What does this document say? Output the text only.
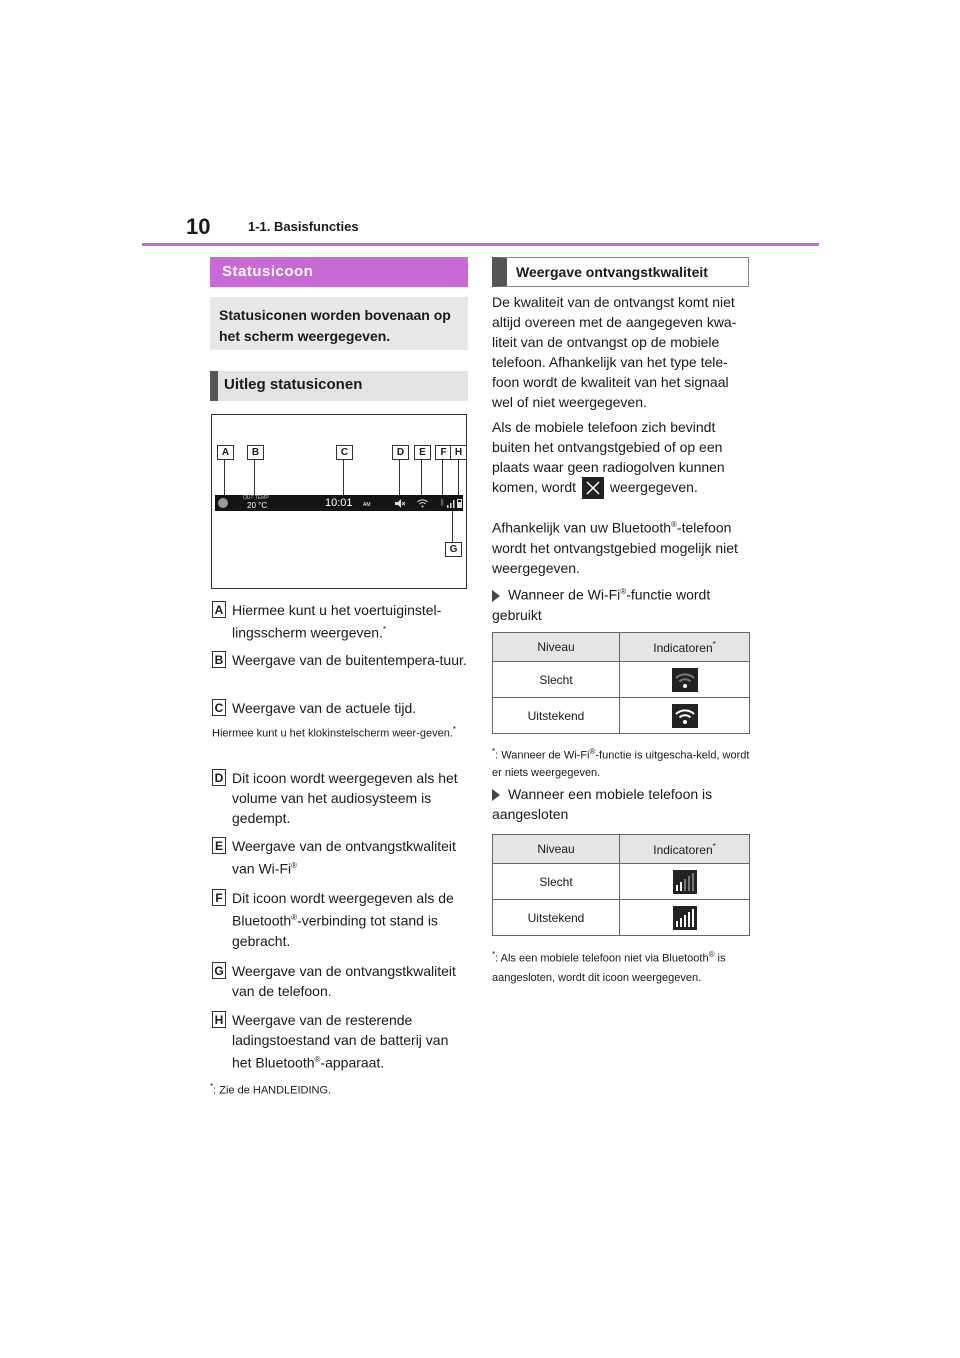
10	1-1. Basisfuncties
Statusicoon
Statusiconen worden bovenaan op het scherm weergegeven.
Uitleg statusiconen
A	B	C	D	E	F H
G
OUT TEMP
20 °C	10:01 AM	ᛒ
A Hiermee kunt u het voertuiginstel-lingsscherm weergeven.*
B Weergave van de buitentempera-tuur.
C Weergave van de actuele tijd.
Hiermee kunt u het klokinstelscherm weer-geven.*
D Dit icoon wordt weergegeven als het volume van het audiosysteem is gedempt.
E Weergave van de ontvangstkwaliteit van Wi-Fi®
F Dit icoon wordt weergegeven als de Bluetooth®-verbinding tot stand is gebracht.
G Weergave van de ontvangstkwaliteit van de telefoon.
H Weergave van de resterende ladingstoestand van de batterij van het Bluetooth®-apparaat.
*: Zie de HANDLEIDING.
Weergave ontvangstkwaliteit
De kwaliteit van de ontvangst komt niet altijd overeen met de aangegeven kwa-liteit van de ontvangst op de mobiele telefoon. Afhankelijk van het type tele-foon wordt de kwaliteit van het signaal wel of niet weergegeven.
Als de mobiele telefoon zich bevindt buiten het ontvangstgebied of op een plaats waar geen radiogolven kunnen komen, wordt weergegeven.
Afhankelijk van uw Bluetooth®-telefoon wordt het ontvangstgebied mogelijk niet weergegeven.
Wanneer de Wi-Fi®-functie wordt gebruikt
Niveau	Indicatoren*
Slecht	
Uitstekend	
*: Wanneer de Wi-Fi®-functie is uitgescha-keld, wordt er niets weergegeven.
Wanneer een mobiele telefoon is aangesloten
Niveau	Indicatoren*
Slecht	
Uitstekend	
*: Als een mobiele telefoon niet via Bluetooth® is aangesloten, wordt dit icoon weergegeven.
